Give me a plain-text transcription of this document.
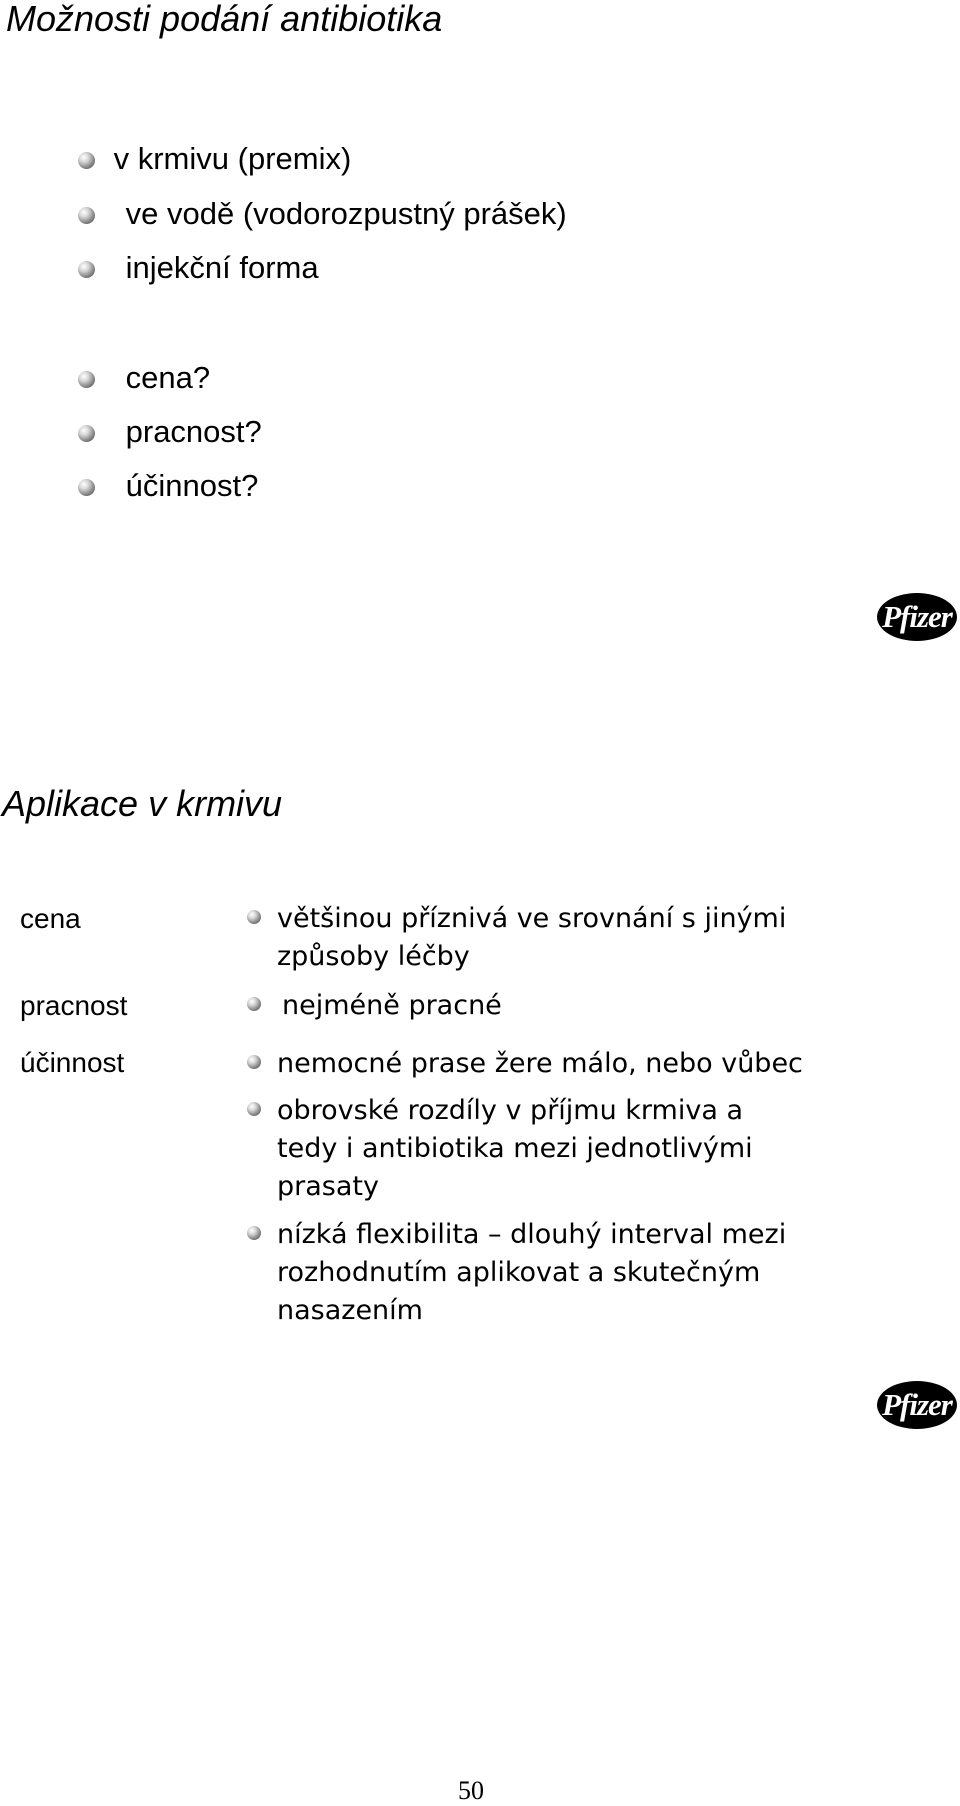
Možnosti podání antibiotika
v krmivu (premix)
ve vodě (vodorozpustný prášek)
injekční forma
cena?
pracnost?
účinnost?
Pfizer
Aplikace v krmivu
cena
pracnost
účinnost
většinou příznivá ve srovnání s jinými
způsoby léčby
nejméně pracné
nemocné prase žere málo, nebo vůbec
obrovské rozdíly v příjmu krmiva a
tedy i antibiotika mezi jednotlivými
prasaty
nízká flexibilita – dlouhý interval mezi
rozhodnutím aplikovat a skutečným
nasazením
Pfizer
50
